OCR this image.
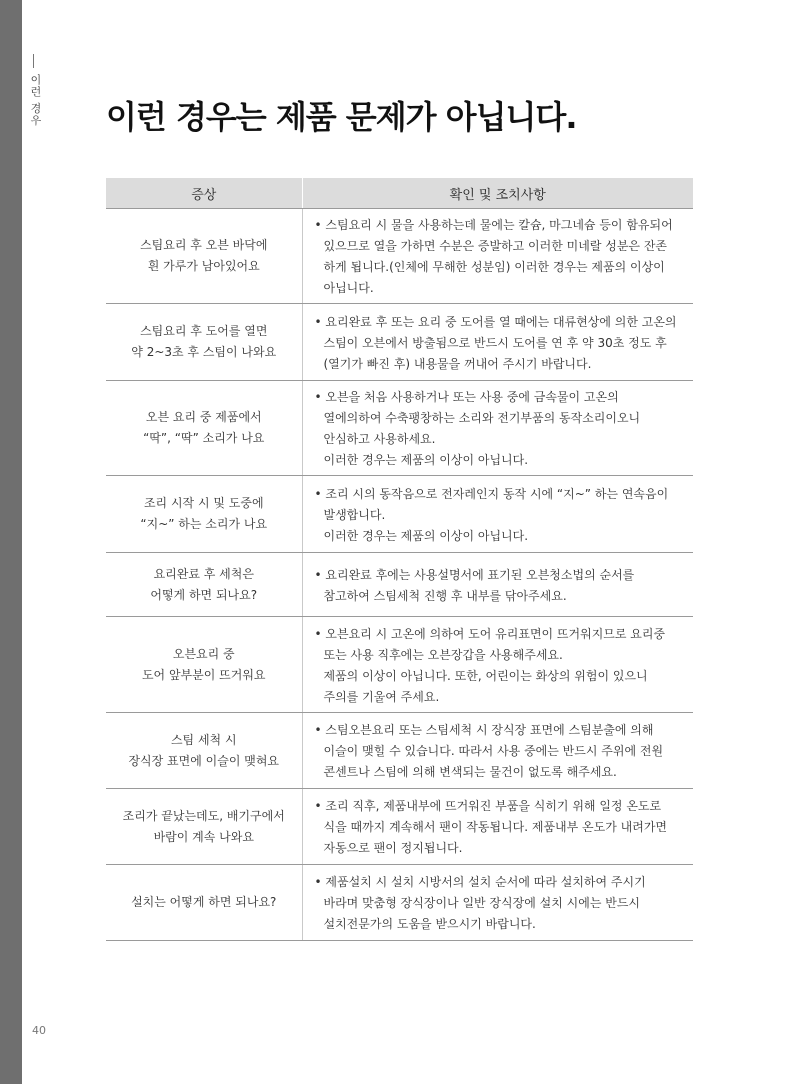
이런 경우 이런 경우는 제품 문제가 아닙니다.
증상	확인 및 조치사항

스팀요리 후 오븐 바닥에
흰 가루가 남아있어요	• 스팀요리 시 물을 사용하는데 물에는 칼슘, 마그네슘 등이 함유되어
있으므로 열을 가하면 수분은 증발하고 이러한 미네랄 성분은 잔존
하게 됩니다.(인체에 무해한 성분임) 이러한 경우는 제품의 이상이
아닙니다.

스팀요리 후 도어를 열면
약 2~3초 후 스팀이 나와요	• 요리완료 후 또는 요리 중 도어를 열 때에는 대류현상에 의한 고온의
스팀이 오븐에서 방출됨으로 반드시 도어를 연 후 약 30초 정도 후
(열기가 빠진 후) 내용물을 꺼내어 주시기 바랍니다.

오븐 요리 중 제품에서
“딱”, “딱” 소리가 나요	• 오븐을 처음 사용하거나 또는 사용 중에 금속물이 고온의
열에의하여 수축팽창하는 소리와 전기부품의 동작소리이오니
안심하고 사용하세요.
이러한 경우는 제품의 이상이 아닙니다.

조리 시작 시 및 도중에
“지~” 하는 소리가 나요	• 조리 시의 동작음으로 전자레인지 동작 시에 “지~” 하는 연속음이
발생합니다.
이러한 경우는 제품의 이상이 아닙니다.

요리완료 후 세척은
어떻게 하면 되나요?	• 요리완료 후에는 사용설명서에 표기된 오븐청소법의 순서를
참고하여 스팀세척 진행 후 내부를 닦아주세요.

오븐요리 중
도어 앞부분이 뜨거워요	• 오븐요리 시 고온에 의하여 도어 유리표면이 뜨거워지므로 요리중
또는 사용 직후에는 오븐장갑을 사용해주세요.
제품의 이상이 아닙니다. 또한, 어린이는 화상의 위험이 있으니
주의를 기울여 주세요.

스팀 세척 시
장식장 표면에 이슬이 맺혀요	• 스팀오븐요리 또는 스팀세척 시 장식장 표면에 스팀분출에 의해
이슬이 맺힐 수 있습니다. 따라서 사용 중에는 반드시 주위에 전원
콘센트나 스팀에 의해 변색되는 물건이 없도록 해주세요.

조리가 끝났는데도, 배기구에서
바람이 계속 나와요	• 조리 직후, 제품내부에 뜨거워진 부품을 식히기 위해 일정 온도로
식을 때까지 계속해서 팬이 작동됩니다. 제품내부 온도가 내려가면
자동으로 팬이 정지됩니다.

설치는 어떻게 하면 되나요?	• 제품설치 시 설치 시방서의 설치 순서에 따라 설치하여 주시기
바라며 맞춤형 장식장이나 일반 장식장에 설치 시에는 반드시
설치전문가의 도움을 받으시기 바랍니다.
40
